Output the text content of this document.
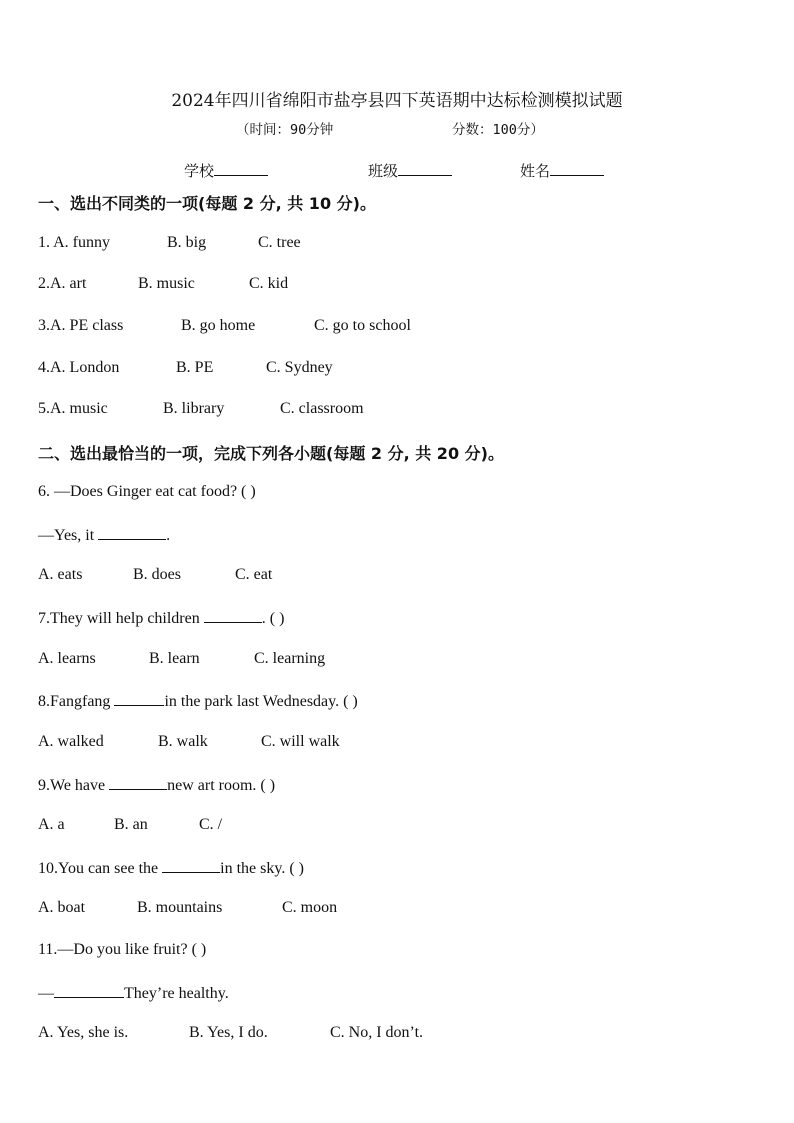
2024年四川省绵阳市盐亭县四下英语期中达标检测模拟试题
（时间：90分钟	分数：100分）
学校	班级	姓名
一、选出不同类的一项(每题 2 分, 共 10 分)。
1. A. funny	B. big	C. tree
2.A. art	B. music	C. kid
3.A. PE class	B. go home	C. go to school
4.A. London	B. PE	C. Sydney
5.A. music	B. library	C. classroom
二、选出最恰当的一项，完成下列各小题(每题 2 分, 共 20 分)。
6. —Does Ginger eat cat food? ( )
—Yes, it	.
A. eats	B. does	C. eat
7.They will help children	. ( )
A. learns	B. learn	C. learning
8.Fangfang	in the park last Wednesday. ( )
A. walked	B. walk	C. will walk
9.We have	new art room. ( )
A. a	B. an	C. /
10.You can see the	in the sky. ( )
A. boat	B. mountains	C. moon
11.—Do you like fruit? ( )
—	They’re healthy.
A. Yes, she is.	B. Yes, I do.	C. No, I don’t.
